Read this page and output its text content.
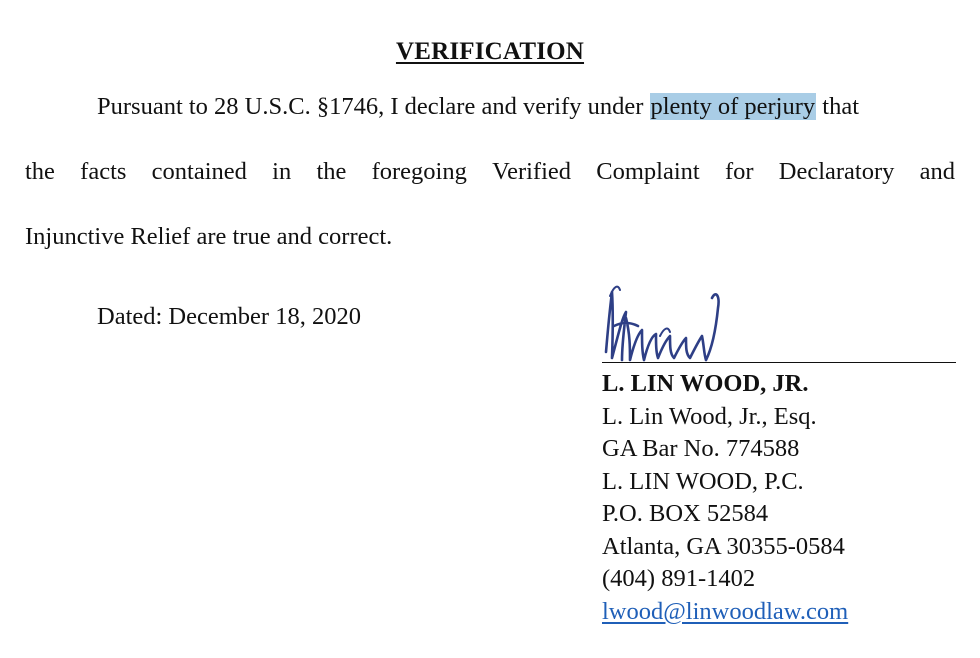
VERIFICATION
Pursuant to 28 U.S.C. §1746, I declare and verify under plenty of perjury that
the facts contained in the foregoing Verified Complaint for Declaratory and
Injunctive Relief are true and correct.
Dated: December 18, 2020
L. LIN WOOD, JR.
L. Lin Wood, Jr., Esq.
GA Bar No. 774588
L. LIN WOOD, P.C.
P.O. BOX 52584
Atlanta, GA 30355-0584
(404) 891-1402
lwood@linwoodlaw.com
